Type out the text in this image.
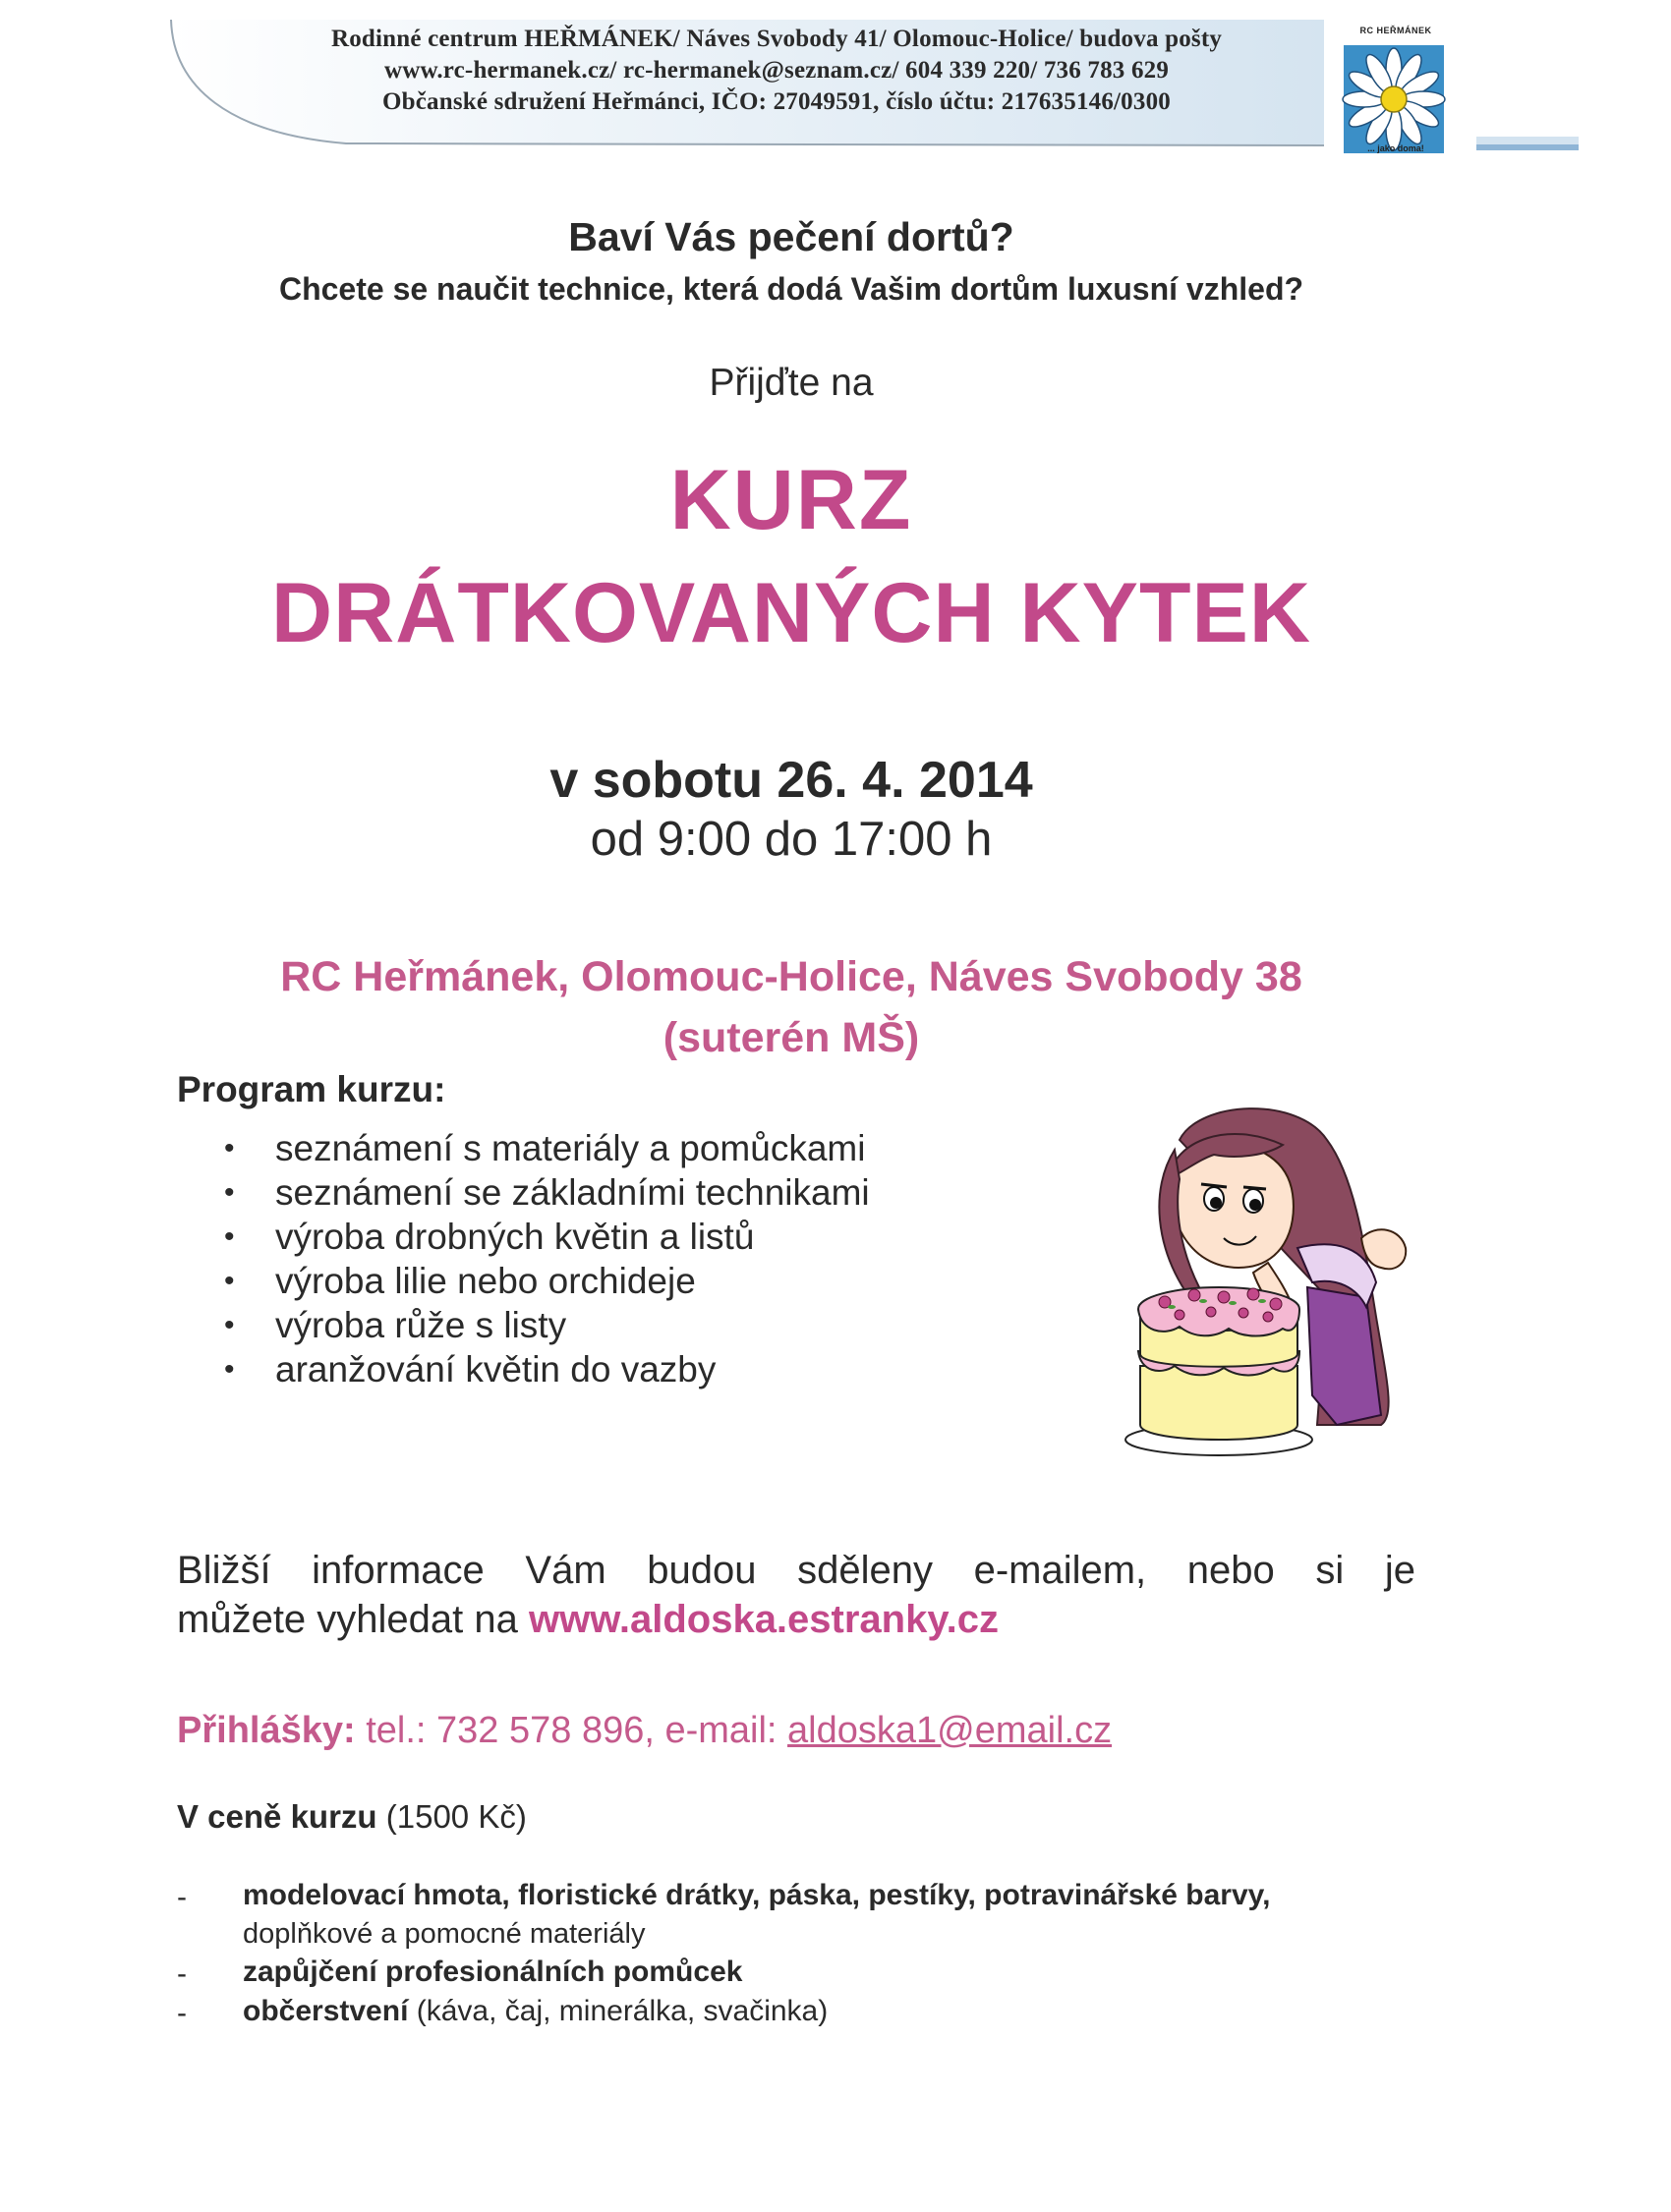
Rodinné centrum HEŘMÁNEK/ Náves Svobody 41/ Olomouc-Holice/ budova pošty
www.rc-hermanek.cz/ rc-hermanek@seznam.cz/ 604 339 220/ 736 783 629
Občanské sdružení Heřmánci, IČO: 27049591, číslo účtu: 217635146/0300
RC HEŘMÁNEK
... jako doma!
Baví Vás pečení dortů?
Chcete se naučit technice, která dodá Vašim dortům luxusní vzhled?
Přijďte na
KURZ
DRÁTKOVANÝCH KYTEK
v sobotu 26. 4. 2014
od 9:00 do 17:00 h
RC Heřmánek, Olomouc-Holice, Náves Svobody 38
(suterén MŠ)
Program kurzu:
• seznámení s materiály a pomůckami
• seznámení se základními technikami
• výroba drobných květin a listů
• výroba lilie nebo orchideje
• výroba růže s listy
• aranžování květin do vazby
Bližší informace Vám budou sděleny e-mailem, nebo si je
můžete vyhledat na www.aldoska.estranky.cz
Přihlášky: tel.: 732 578 896, e-mail: aldoska1@email.cz
V ceně kurzu (1500 Kč)
- modelovací hmota, floristické drátky, páska, pestíky, potravinářské barvy,
doplňkové a pomocné materiály
- zapůjčení profesionálních pomůcek
- občerstvení (káva, čaj, minerálka, svačinka)
